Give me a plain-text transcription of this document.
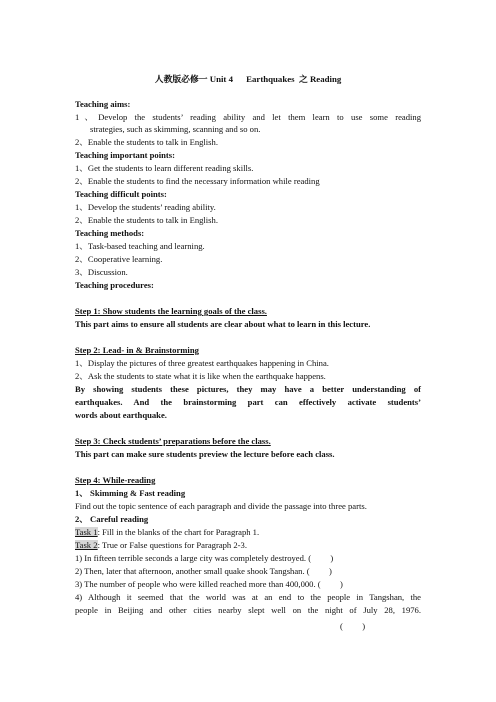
人教版必修一 Unit 4      Earthquakes  之 Reading
Teaching aims:
1、Develop the students’ reading ability and let them learn to use some reading
strategies, such as skimming, scanning and so on.
2、Enable the students to talk in English.
Teaching important points:
1、Get the students to learn different reading skills.
2、Enable the students to find the necessary information while reading
Teaching difficult points:
1、Develop the students’ reading ability.
2、Enable the students to talk in English.
Teaching methods:
1、Task-based teaching and learning.
2、Cooperative learning.
3、Discussion.
Teaching procedures:
Step 1: Show students the learning goals of the class.
This part aims to ensure all students are clear about what to learn in this lecture.
Step 2: Lead- in & Brainstorming
1、Display the pictures of three greatest earthquakes happening in China.
2、Ask the students to state what it is like when the earthquake happens.
By showing students these pictures, they may have a better understanding of
earthquakes. And the brainstorming part can effectively activate students’
words about earthquake.
Step 3: Check students’ preparations before the class.
This part can make sure students preview the lecture before each class.
Step 4: While-reading
1、 Skimming & Fast reading
Find out the topic sentence of each paragraph and divide the passage into three parts.
2、 Careful reading
Task 1: Fill in the blanks of the chart for Paragraph 1.
Task 2: True or False questions for Paragraph 2-3.
1) In fifteen terrible seconds a large city was completely destroyed. (         )
2) Then, later that afternoon, another small quake shook Tangshan. (         )
3) The number of people who were killed reached more than 400,000. (         )
4) Although it seemed that the world was at an end to the people in Tangshan, the
people in Beijing and other cities nearby slept well on the night of July 28, 1976.
(         )
